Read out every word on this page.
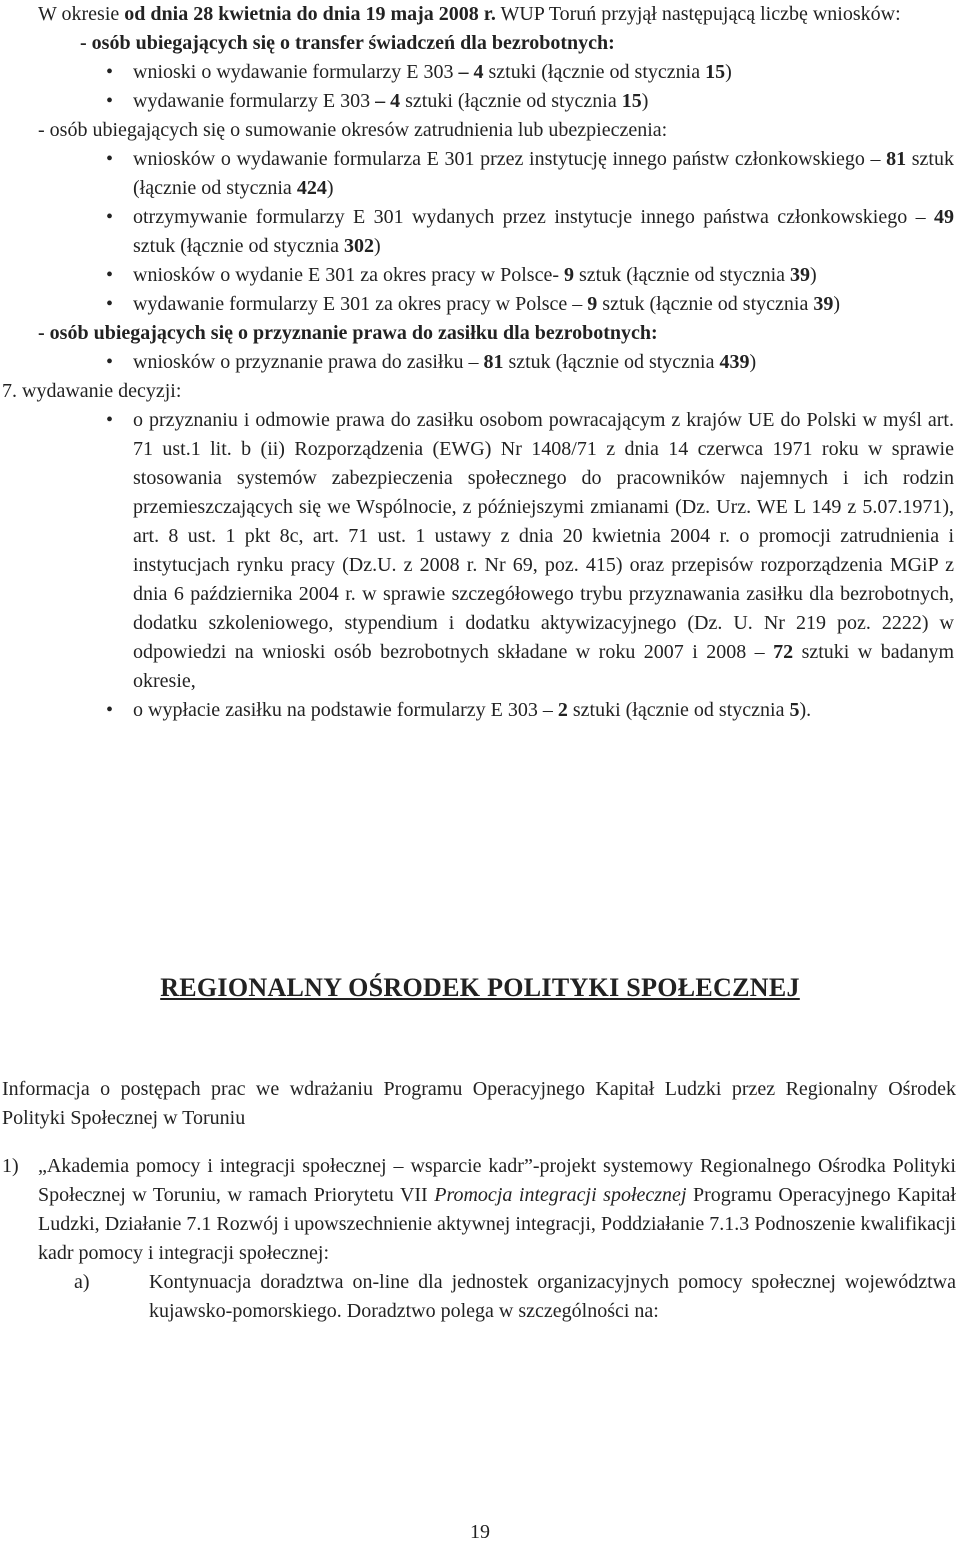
W okresie od dnia 28 kwietnia do dnia 19 maja 2008 r. WUP Toruń przyjął następującą liczbę wniosków:

- osób ubiegających się o transfer świadczeń dla bezrobotnych:

• wnioski o wydawanie formularzy E 303 – 4 sztuki (łącznie od stycznia 15)
• wydawanie formularzy E 303 – 4 sztuki (łącznie od stycznia 15)

- osób ubiegających się o sumowanie okresów zatrudnienia lub ubezpieczenia:

• wniosków o wydawanie formularza E 301 przez instytucję innego państw członkowskiego – 81 sztuk (łącznie od stycznia 424)
• otrzymywanie formularzy E 301 wydanych przez instytucje innego państwa członkowskiego – 49 sztuk (łącznie od stycznia 302)
• wniosków o wydanie E 301 za okres pracy w Polsce- 9 sztuk (łącznie od stycznia 39)
• wydawanie formularzy E 301 za okres pracy w Polsce – 9 sztuk (łącznie od stycznia 39)

- osób ubiegających się o przyznanie prawa do zasiłku dla bezrobotnych:

• wniosków o przyznanie prawa do zasiłku – 81 sztuk (łącznie od stycznia 439)

7. wydawanie decyzji:

• o przyznaniu i odmowie prawa do zasiłku osobom powracającym z krajów UE do Polski w myśl art. 71 ust.1 lit. b (ii) Rozporządzenia (EWG) Nr 1408/71 z dnia 14 czerwca 1971 roku w sprawie stosowania systemów zabezpieczenia społecznego do pracowników najemnych i ich rodzin przemieszczających się we Wspólnocie, z późniejszymi zmianami (Dz. Urz. WE L 149 z 5.07.1971), art. 8 ust. 1 pkt 8c, art. 71 ust. 1 ustawy z dnia 20 kwietnia 2004 r. o promocji zatrudnienia i instytucjach rynku pracy (Dz.U. z 2008 r. Nr 69, poz. 415) oraz przepisów rozporządzenia MGiP z dnia 6 października 2004 r. w sprawie szczegółowego trybu przyznawania zasiłku dla bezrobotnych, dodatku szkoleniowego, stypendium i dodatku aktywizacyjnego (Dz. U. Nr 219 poz. 2222) w odpowiedzi na wnioski osób bezrobotnych składane w roku 2007 i 2008 – 72 sztuki w badanym okresie,
• o wypłacie zasiłku na podstawie formularzy E 303 – 2 sztuki (łącznie od stycznia 5).
REGIONALNY OŚRODEK POLITYKI SPOŁECZNEJ

Informacja o postępach prac we wdrażaniu Programu Operacyjnego Kapitał Ludzki przez Regionalny Ośrodek Polityki Społecznej w Toruniu

1) „Akademia pomocy i integracji społecznej – wsparcie kadr”-projekt systemowy Regionalnego Ośrodka Polityki Społecznej w Toruniu, w ramach Priorytetu VII Promocja integracji społecznej Programu Operacyjnego Kapitał Ludzki, Działanie 7.1 Rozwój i upowszechnienie aktywnej integracji, Poddziałanie 7.1.3 Podnoszenie kwalifikacji kadr pomocy i integracji społecznej:

a)	Kontynuacja doradztwa on-line dla jednostek organizacyjnych pomocy społecznej województwa kujawsko-pomorskiego. Doradztwo polega w szczególności na:

19
